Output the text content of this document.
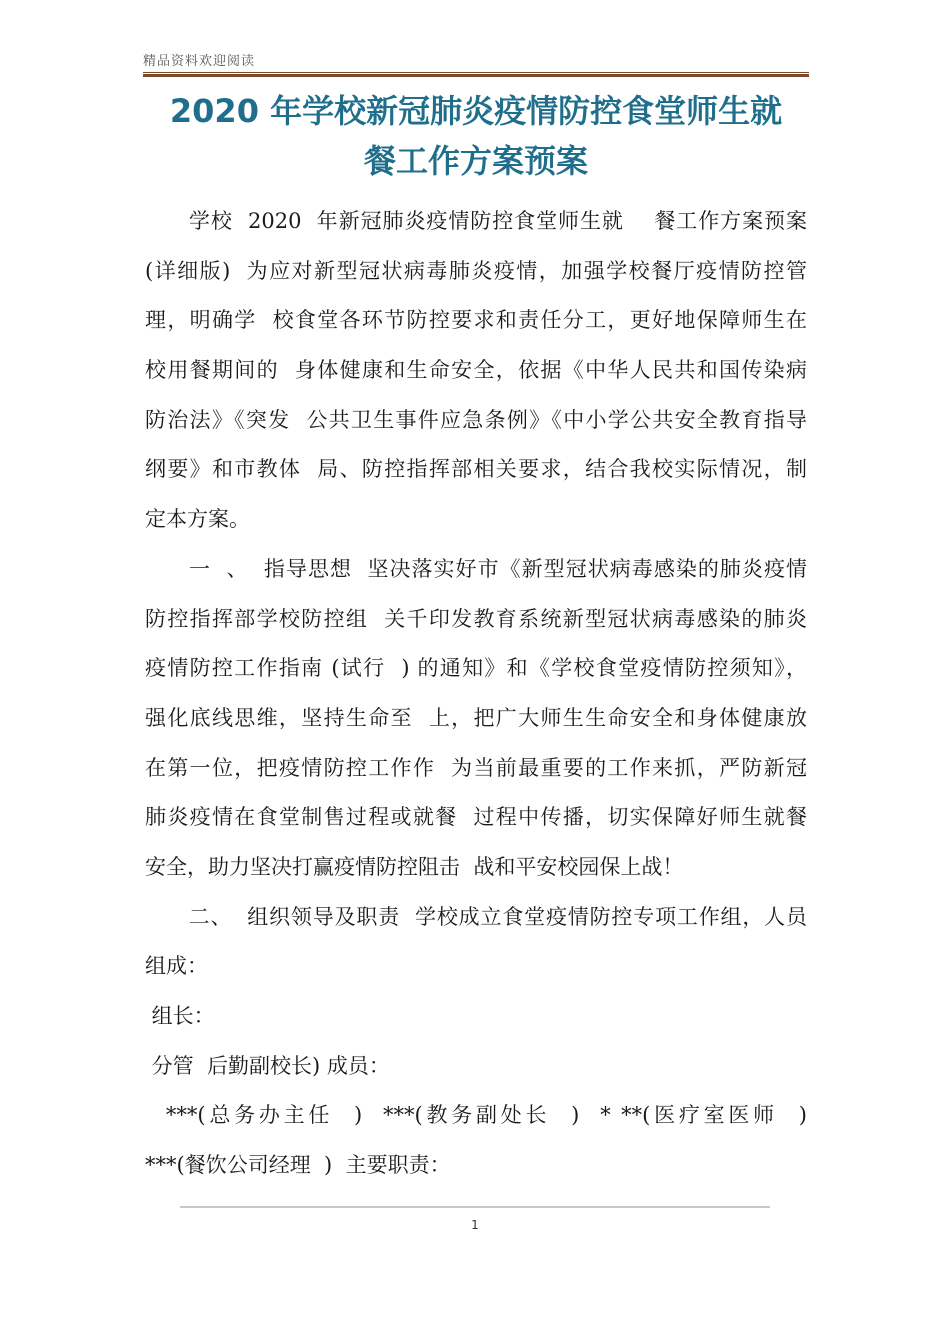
精品资料欢迎阅读
2020 年学校新冠肺炎疫情防控食堂师生就
餐工作方案预案
　　学校  2020  年新冠肺炎疫情防控食堂师生就    餐工作方案预案
(详细版)  为应对新型冠状病毒肺炎疫情，加强学校餐厅疫情防控管
理，明确学  校食堂各环节防控要求和责任分工，更好地保障师生在
校用餐期间的  身体健康和生命安全，依据《中华人民共和国传染病
防治法》《突发  公共卫生事件应急条例》《中小学公共安全教育指导
纲要》和市教体  局、防控指挥部相关要求，结合我校实际情况，制
定本方案。
　　一  、  指导思想  坚决落实好市《新型冠状病毒感染的肺炎疫情
防控指挥部学校防控组  关千印发教育系统新型冠状病毒感染的肺炎
疫情防控工作指南 (试行  ) 的通知》和《学校食堂疫情防控须知》，
强化底线思维，坚持生命至  上，把广大师生生命安全和身体健康放
在第一位，把疫情防控工作作  为当前最重要的工作来抓，严防新冠
肺炎疫情在食堂制售过程或就餐  过程中传播，切实保障好师生就餐
安全，助力坚决打赢疫情防控阻击  战和平安校园保上战！
　　二、  组织领导及职责  学校成立食堂疫情防控专项工作组，人员
组成：
组长：
分管  后勤副校长) 成员：
***(总务办主任  )  ***(教务副处长  )  * **(医疗室医师  )
***(餐饮公司经理  )  主要职责：
1
